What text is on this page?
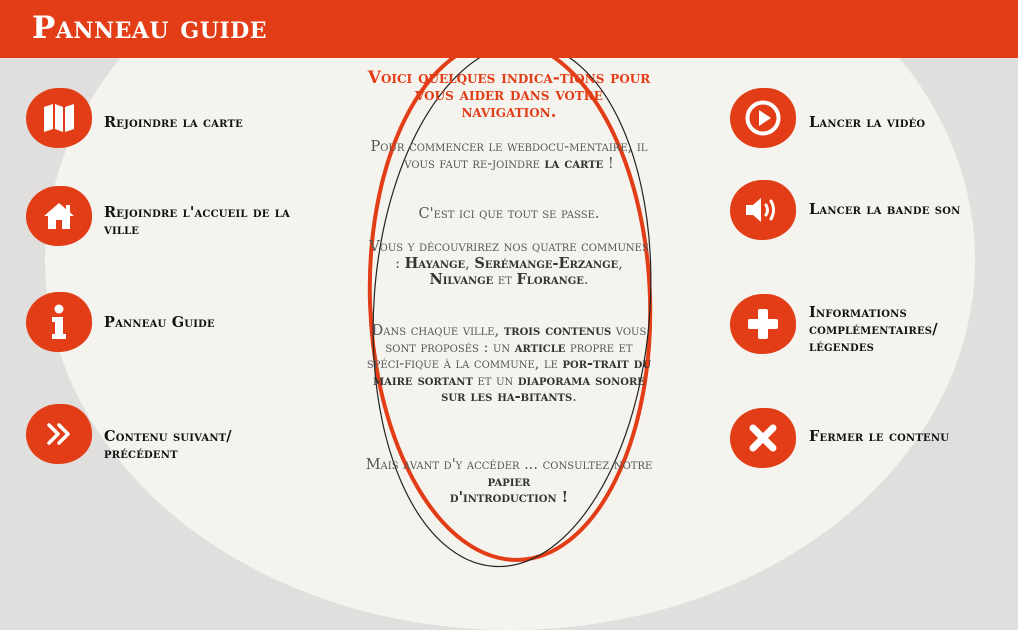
Panneau guide
Rejoindre la carte
Rejoindre l'accueil de la ville
Panneau Guide
Contenu suivant/ précédent
Lancer la vidéo
Lancer la bande son
Informations complémentaires/ légendes
Fermer le contenu

Voici quelques indica-tions pour vous aider dans votre navigation.

Pour commencer le webdocu-mentaire, il vous faut re-joindre la carte !

C'est ici que tout se passe.

Vous y découvrirez nos quatre communes : Hayange, Serémange-Erzange, Nilvange et Florange.

Dans chaque ville, trois contenus vous sont proposés : un article propre et spéci-fique à la commune, le por-trait du maire sortant et un diaporama sonore sur les ha-bitants.

Mais avant d'y accéder ... consultez notre

papier

d'introduction !
